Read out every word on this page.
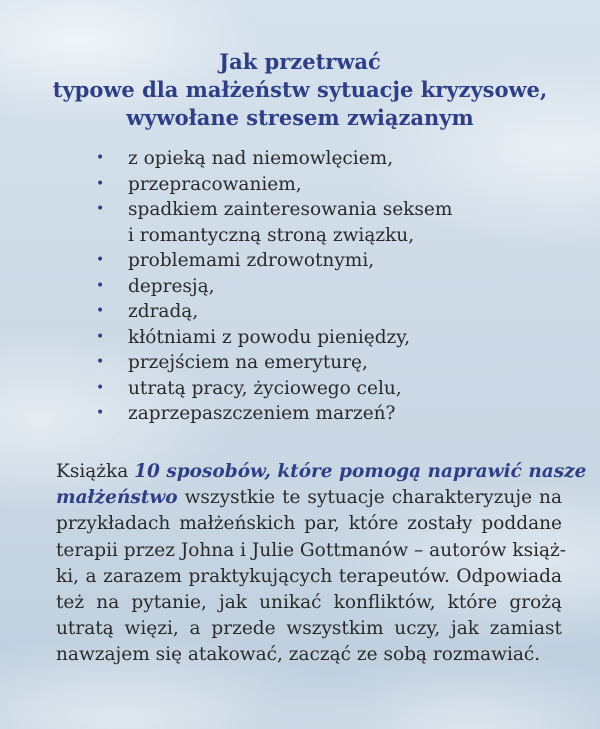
Jak przetrwać
typowe dla małżeństw sytuacje kryzysowe,
wywołane stresem związanym
• z opieką nad niemowlęciem,
• przepracowaniem,
• spadkiem zainteresowania seksem
i romantyczną stroną związku,
• problemami zdrowotnymi,
• depresją,
• zdradą,
• kłótniami z powodu pieniędzy,
• przejściem na emeryturę,
• utratą pracy, życiowego celu,
• zaprzepaszczeniem marzeń?
Książka 10 sposobów, które pomogą naprawić nasze
małżeństwo wszystkie te sytuacje charakteryzuje na
przykładach małżeńskich par, które zostały poddane
terapii przez Johna i Julie Gottmanów – autorów książ-
ki, a zarazem praktykujących terapeutów. Odpowiada
też na pytanie, jak unikać konfliktów, które grożą
utratą więzi, a przede wszystkim uczy, jak zamiast
nawzajem się atakować, zacząć ze sobą rozmawiać.
